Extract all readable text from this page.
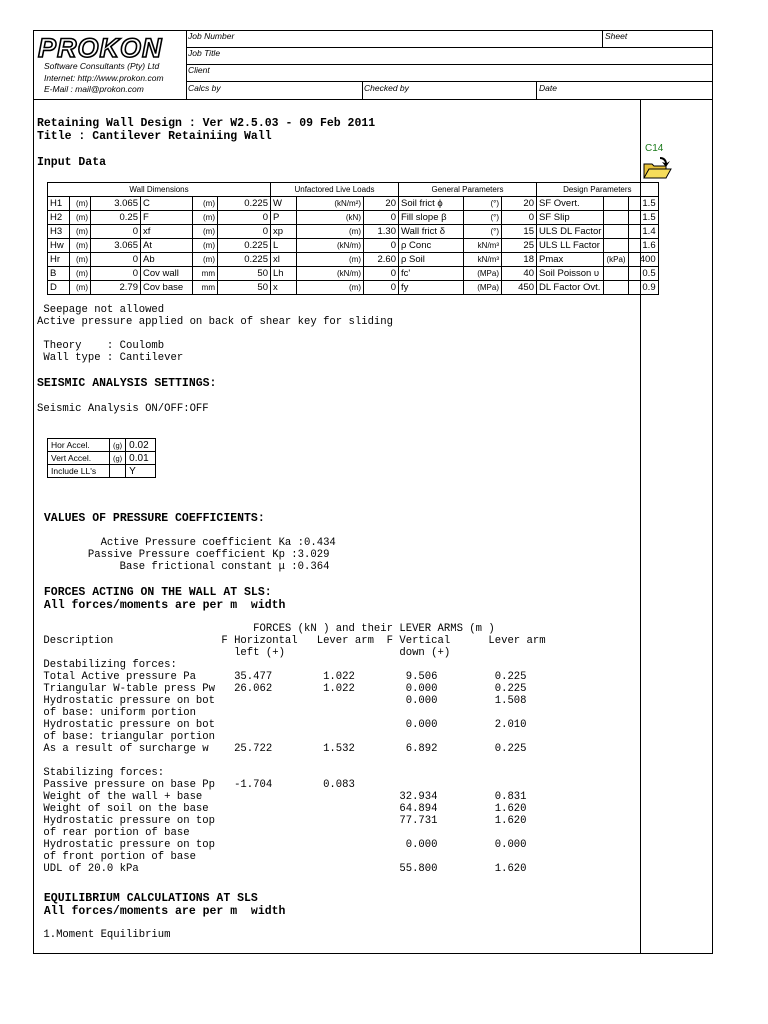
PROKON
Software Consultants (Pty) Ltd
Internet: http://www.prokon.com
E-Mail : mail@prokon.com
Job Number	Sheet
Job Title
Client
Calcs by	Checked by	Date
Retaining Wall Design : Ver W2.5.03 - 09 Feb 2011
Title : Cantilever Retainiing Wall
Input Data
C14
Wall Dimensions						Unfactored Live Loads			General Parameters			Design Parameters		
H1	(m)	3.065	C	(m)	0.225	W	(kN/m²)	20	Soil frict ϕ	(°)	20	SF Overt.		1.5
H2	(m)	0.25	F	(m)	0	P	(kN)	0	Fill slope β	(°)	0	SF Slip		1.5
H3	(m)	0	xf	(m)	0	xp	(m)	1.30	Wall frict δ	(°)	15	ULS DL Factor		1.4
Hw	(m)	3.065	At	(m)	0.225	L	(kN/m)	0	ρ Conc	kN/m³	25	ULS LL Factor		1.6
Hr	(m)	0	Ab	(m)	0.225	xl	(m)	2.60	ρ Soil	kN/m³	18	Pmax	(kPa)	400
B	(m)	0	Cov wall	mm	50	Lh	(kN/m)	0	fc'	(MPa)	40	Soil Poisson υ		0.5
D	(m)	2.79	Cov base	mm	50	x	(m)	0	fy	(MPa)	450	DL Factor Ovt.		0.9
Seepage not allowed
Active pressure applied on back of shear key for sliding
Theory    : Coulomb
Wall type : Cantilever
SEISMIC ANALYSIS SETTINGS:
Seismic Analysis ON/OFF:OFF
Hor Accel.	(g)	0.02
Vert Accel.	(g)	0.01
Include LL's		Y
VALUES OF PRESSURE COEFFICIENTS:
Active Pressure coefficient Ka :0.434
Passive Pressure coefficient Kp :3.029
Base frictional constant μ :0.364
FORCES ACTING ON THE WALL AT SLS:
All forces/moments are per m  width
FORCES (kN ) and their LEVER ARMS (m )
Description                 F Horizontal   Lever arm  F Vertical      Lever arm
left (+)                  down (+)
Destabilizing forces:
Total Active pressure Pa      35.477        1.022        9.506         0.225
Triangular W-table press Pw   26.062        1.022        0.000         0.225
Hydrostatic pressure on bot                              0.000         1.508
of base: uniform portion
Hydrostatic pressure on bot                              0.000         2.010
of base: triangular portion
As a result of surcharge w    25.722        1.532        6.892         0.225
Stabilizing forces:
Passive pressure on base Pp   -1.704        0.083
Weight of the wall + base                               32.934         0.831
Weight of soil on the base                              64.894         1.620
Hydrostatic pressure on top                             77.731         1.620
of rear portion of base
Hydrostatic pressure on top                              0.000         0.000
of front portion of base
UDL of 20.0 kPa                                         55.800         1.620
EQUILIBRIUM CALCULATIONS AT SLS
All forces/moments are per m  width
1.Moment Equilibrium
